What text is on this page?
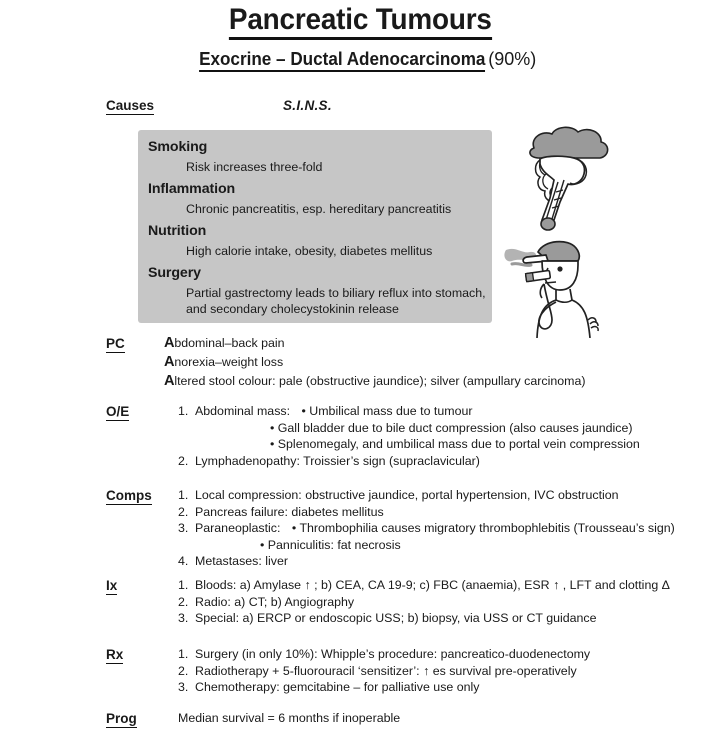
Pancreatic Tumours
Exocrine – Ductal Adenocarcinoma (90%)
Causes	S.I.N.S.
Smoking
Risk increases three-fold
Inflammation
Chronic pancreatitis, esp. hereditary pancreatitis
Nutrition
High calorie intake, obesity, diabetes mellitus
Surgery
Partial gastrectomy leads to biliary reflux into stomach,
and secondary cholecystokinin release
PC	Abdominal–back pain
Anorexia–weight loss
Altered stool colour: pale (obstructive jaundice); silver (ampullary carcinoma)
O/E	1. Abdominal mass: • Umbilical mass due to tumour
• Gall bladder due to bile duct compression (also causes jaundice)
• Splenomegaly, and umbilical mass due to portal vein compression
2. Lymphadenopathy: Troissier’s sign (supraclavicular)
Comps 1. Local compression: obstructive jaundice, portal hypertension, IVC obstruction
2. Pancreas failure: diabetes mellitus
3. Paraneoplastic: • Thrombophilia causes migratory thrombophlebitis (Trousseau’s sign)
• Panniculitis: fat necrosis
4. Metastases: liver
Ix	1. Bloods: a) Amylase ↑ ; b) CEA, CA 19-9; c) FBC (anaemia), ESR ↑ , LFT and clotting Δ
2. Radio: a) CT; b) Angiography
3. Special: a) ERCP or endoscopic USS; b) biopsy, via USS or CT guidance
Rx	1. Surgery (in only 10%): Whipple’s procedure: pancreatico-duodenectomy
2. Radiotherapy + 5-fluorouracil ‘sensitizer’: ↑ es survival pre-operatively
3. Chemotherapy: gemcitabine – for palliative use only
Prog	Median survival = 6 months if inoperable
